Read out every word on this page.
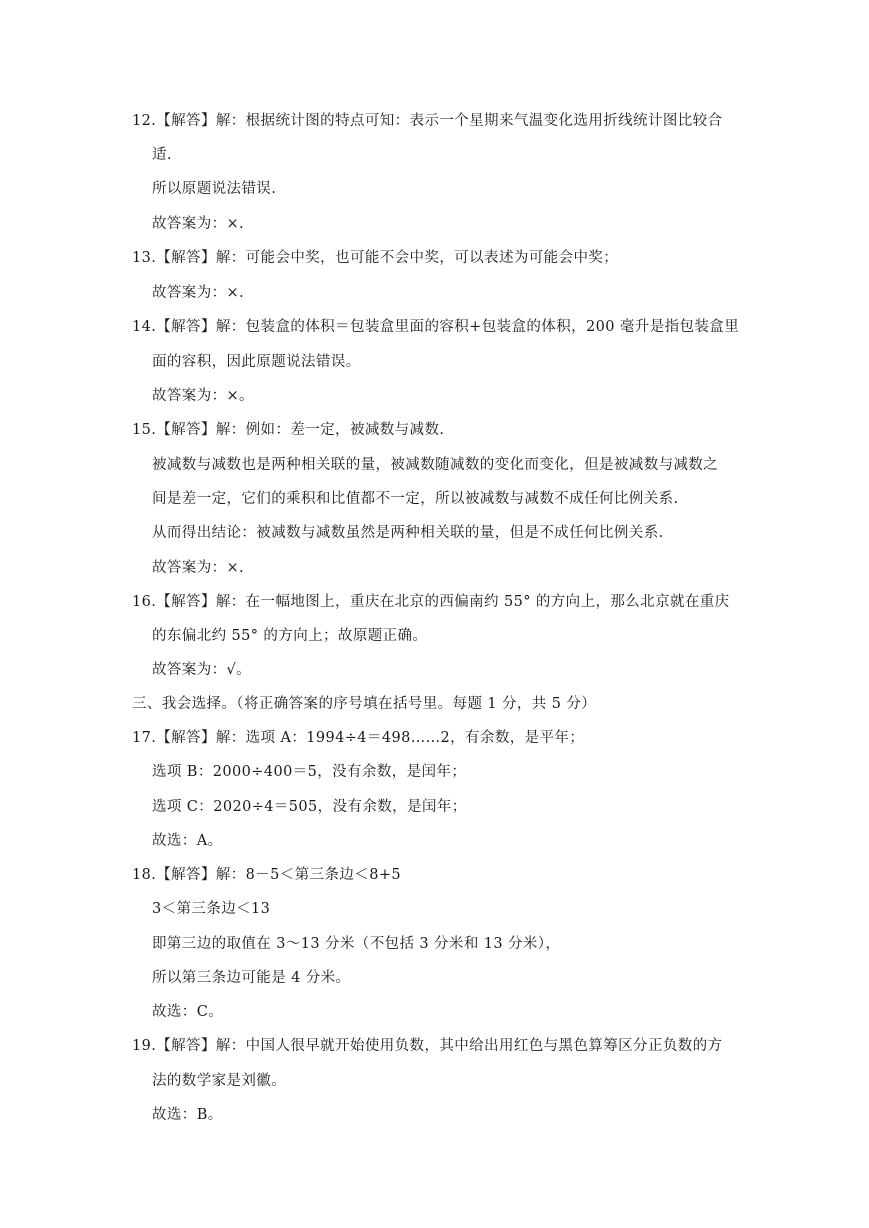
12.【解答】解：根据统计图的特点可知：表示一个星期来气温变化选用折线统计图比较合
适.
所以原题说法错误.
故答案为：×.
13.【解答】解：可能会中奖，也可能不会中奖，可以表述为可能会中奖；
故答案为：×.
14.【解答】解：包装盒的体积＝包装盒里面的容积+包装盒的体积，200 毫升是指包装盒里
面的容积，因此原题说法错误。
故答案为：×。
15.【解答】解：例如：差一定，被减数与减数.
被减数与减数也是两种相关联的量，被减数随减数的变化而变化，但是被减数与减数之
间是差一定，它们的乘积和比值都不一定，所以被减数与减数不成任何比例关系.
从而得出结论：被减数与减数虽然是两种相关联的量，但是不成任何比例关系.
故答案为：×.
16.【解答】解：在一幅地图上，重庆在北京的西偏南约 55° 的方向上，那么北京就在重庆
的东偏北约 55° 的方向上；故原题正确。
故答案为：√。
三、我会选择。（将正确答案的序号填在括号里。每题 1 分，共 5 分）
17.【解答】解：选项 A：1994÷4＝498……2，有余数，是平年；
选项 B：2000÷400＝5，没有余数，是闰年；
选项 C：2020÷4＝505，没有余数，是闰年；
故选：A。
18.【解答】解：8－5＜第三条边＜8+5
3＜第三条边＜13
即第三边的取值在 3～13 分米（不包括 3 分米和 13 分米），
所以第三条边可能是 4 分米。
故选：C。
19.【解答】解：中国人很早就开始使用负数，其中给出用红色与黑色算筹区分正负数的方
法的数学家是刘徽。
故选：B。
